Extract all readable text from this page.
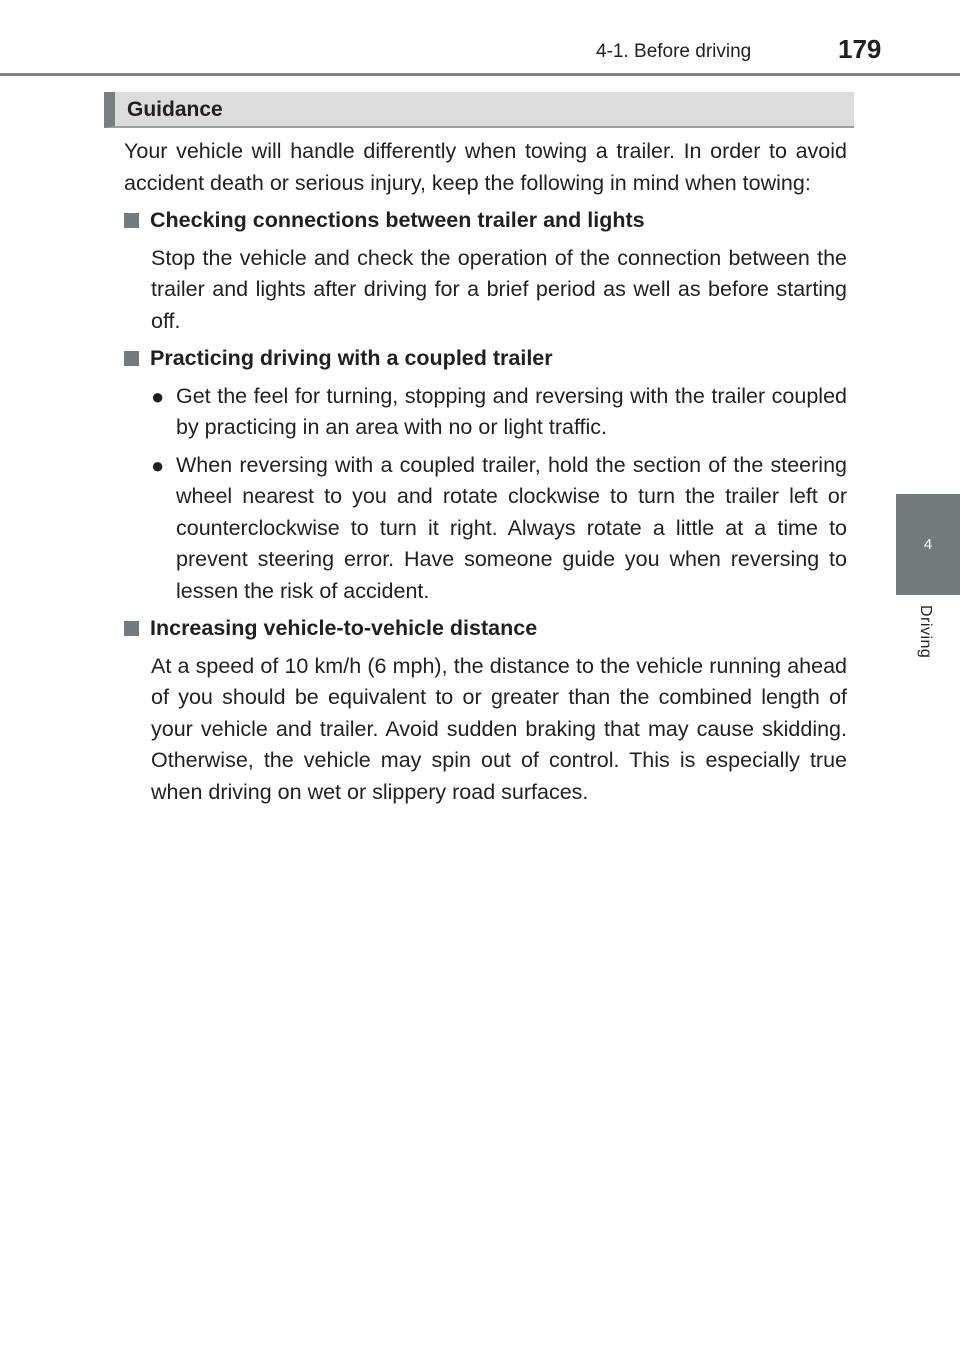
4-1. Before driving	179
4
Driving
Guidance

Your vehicle will handle differently when towing a trailer. In order to avoid accident death or serious injury, keep the following in mind when towing:

Checking connections between trailer and lights

Stop the vehicle and check the operation of the connection between the trailer and lights after driving for a brief period as well as before starting off.

Practicing driving with a coupled trailer
● Get the feel for turning, stopping and reversing with the trailer coupled by practicing in an area with no or light traffic.

● When reversing with a coupled trailer, hold the section of the steering wheel nearest to you and rotate clockwise to turn the trailer left or counterclockwise to turn it right. Always rotate a little at a time to prevent steering error. Have someone guide you when reversing to lessen the risk of accident.

Increasing vehicle-to-vehicle distance

At a speed of 10 km/h (6 mph), the distance to the vehicle running ahead of you should be equivalent to or greater than the combined length of your vehicle and trailer. Avoid sudden braking that may cause skidding. Otherwise, the vehicle may spin out of control. This is especially true when driving on wet or slippery road surfaces.
